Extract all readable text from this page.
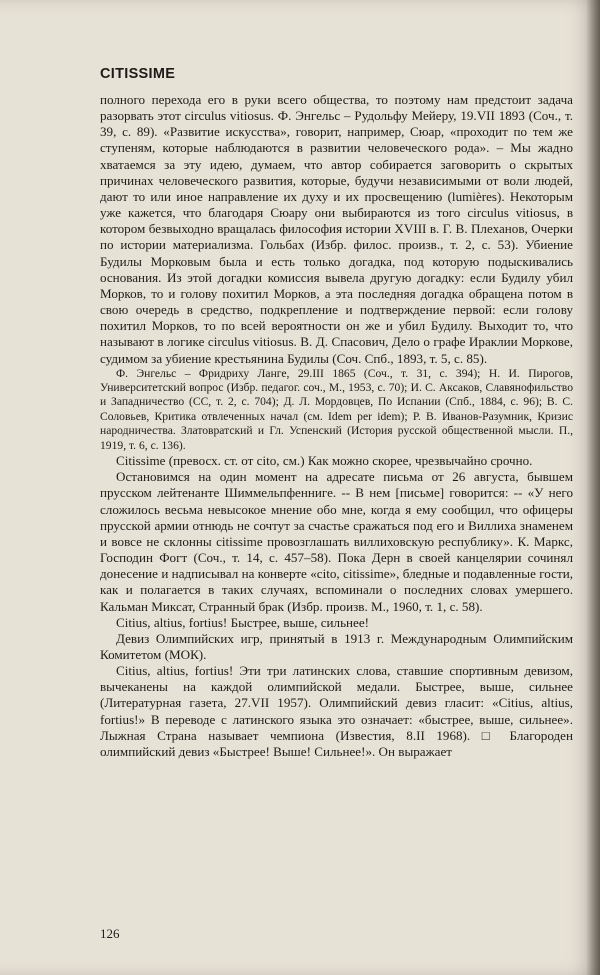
CITISSIME

полного перехода его в руки всего общества, то поэтому нам предстоит задача разорвать этот circulus vitiosus. Ф. Энгельс – Рудольфу Мейеру, 19.VII 1893 (Соч., т. 39, с. 89). «Развитие искусства», говорит, например, Сюар, «проходит по тем же ступеням, которые наблюдаются в развитии человеческого рода». – Мы жадно хватаемся за эту идею, думаем, что автор собирается заговорить о скрытых причинах человеческого развития, которые, будучи независимыми от воли людей, дают то или иное направление их духу и их просвещению (lumières). Некоторым уже кажется, что благодаря Сюару они выбираются из того circulus vitiosus, в котором безвыходно вращалась философия истории XVIII в. Г. В. Плеханов, Очерки по истории материализма. Гольбах (Избр. филос. произв., т. 2, с. 53). Убиение Будилы Морковым была и есть только догадка, под которую подыскивались основания. Из этой догадки комиссия вывела другую догадку: если Будилу убил Морков, то и голову похитил Морков, а эта последняя догадка обращена потом в свою очередь в средство, подкрепление и подтверждение первой: если голову похитил Морков, то по всей вероятности он же и убил Будилу. Выходит то, что называют в логике circulus vitiosus. В. Д. Спасович, Дело о графе Ираклии Моркове, судимом за убиение крестьянина Будилы (Соч. Спб., 1893, т. 5, с. 85).

Ф. Энгельс – Фридриху Ланге, 29.III 1865 (Соч., т. 31, с. 394); Н. И. Пирогов, Университетский вопрос (Избр. педагог. соч., М., 1953, с. 70); И. С. Аксаков, Славянофильство и Западничество (СС, т. 2, с. 704); Д. Л. Мордовцев, По Испании (Спб., 1884, с. 96); В. С. Соловьев, Критика отвлеченных начал (см. Idem per idem); Р. В. Иванов-Разумник, Кризис народничества. Златовратский и Гл. Успенский (История русской общественной мысли. П., 1919, т. 6, с. 136).

Citissime (превосх. ст. от cito, см.) Как можно скорее, чрезвычайно срочно.

Остановимся на один момент на адресате письма от 26 августа, бывшем прусском лейтенанте Шиммельпфенниге. -- В нем [письме] говорится: -- «У него сложилось весьма невысокое мнение обо мне, когда я ему сообщил, что офицеры прусской армии отнюдь не сочтут за счастье сражаться под его и Виллиха знаменем и вовсе не склонны citissime провозглашать виллиховскую республику». К. Маркс, Господин Фогт (Соч., т. 14, с. 457–58). Пока Дерн в своей канцелярии сочинял донесение и надписывал на конверте «cito, citissime», бледные и подавленные гости, как и полагается в таких случаях, вспоминали о последних словах умершего. Кальман Миксат, Странный брак (Избр. произв. М., 1960, т. 1, с. 58).

Citius, altius, fortius! Быстрее, выше, сильнее!

Девиз Олимпийских игр, принятый в 1913 г. Международным Олимпийским Комитетом (МОК).

Citius, altius, fortius! Эти три латинских слова, ставшие спортивным девизом, вычеканены на каждой олимпийской медали. Быстрее, выше, сильнее (Литературная газета, 27.VII 1957). Олимпийский девиз гласит: «Citius, altius, fortius!» В переводе с латинского языка это означает: «быстрее, выше, сильнее». Лыжная Страна называет чемпиона (Известия, 8.II 1968). □ Благороден олимпийский девиз «Быстрее! Выше! Сильнее!». Он выражает

126
